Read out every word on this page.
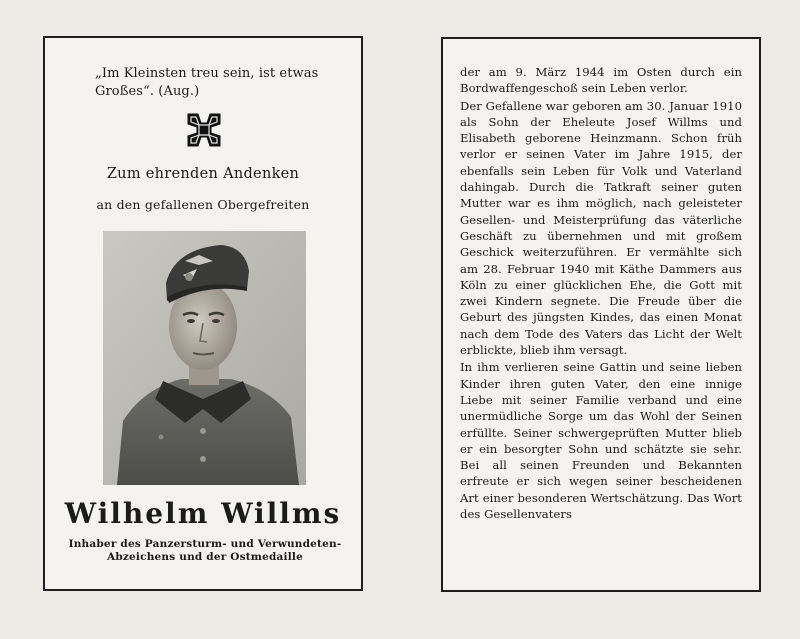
„Im Kleinsten treu sein, ist etwas
Großes“. (Aug.)
Zum ehrenden Andenken
an den gefallenen Obergefreiten
Wilhelm Willms
Inhaber des Panzersturm- und Verwundeten-
Abzeichens und der Ostmedaille

der am 9. März 1944 im Osten durch ein Bordwaffengeschoß sein Leben verlor.

Der Gefallene war geboren am 30. Januar 1910 als Sohn der Eheleute Josef Willms und Elisabeth geborene Heinzmann. Schon früh verlor er seinen Vater im Jahre 1915, der ebenfalls sein Leben für Volk und Vaterland dahingab. Durch die Tatkraft seiner guten Mutter war es ihm möglich, nach geleisteter Gesellen- und Meisterprüfung das väterliche Geschäft zu übernehmen und mit großem Geschick weiterzuführen. Er vermählte sich am 28. Februar 1940 mit Käthe Dammers aus Köln zu einer glücklichen Ehe, die Gott mit zwei Kindern segnete. Die Freude über die Geburt des jüngsten Kindes, das einen Monat nach dem Tode des Vaters das Licht der Welt erblickte, blieb ihm versagt.

In ihm verlieren seine Gattin und seine lieben Kinder ihren guten Vater, den eine innige Liebe mit seiner Familie verband und eine unermüdliche Sorge um das Wohl der Seinen erfüllte. Seiner schwergeprüften Mutter blieb er ein besorgter Sohn und schätzte sie sehr. Bei all seinen Freunden und Bekannten erfreute er sich wegen seiner bescheidenen Art einer besonderen Wertschätzung. Das Wort des Gesellenvaters
